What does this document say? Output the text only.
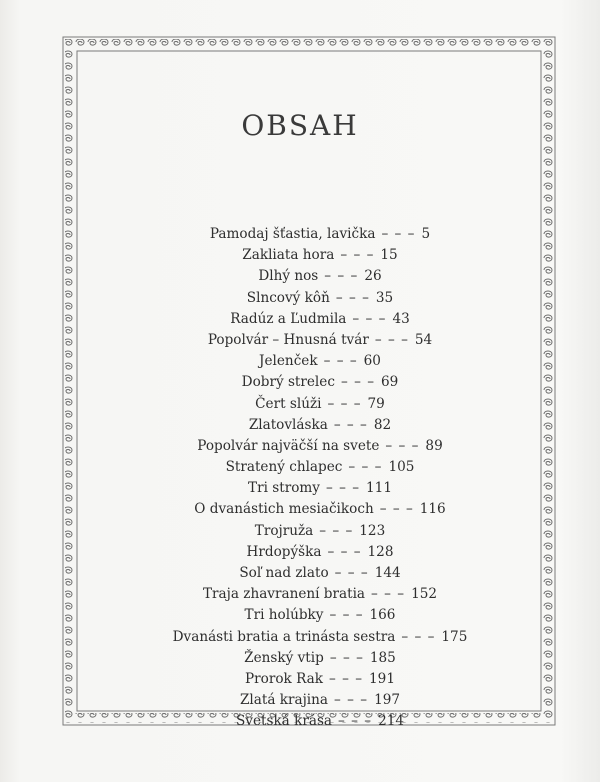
OBSAH
Pamodaj šťastia, lavička – – – 5
Zakliata hora – – – 15
Dlhý nos – – – 26
Slncový kôň – – – 35
Radúz a Ľudmila – – – 43
Popolvár – Hnusná tvár – – – 54
Jelenček – – – 60
Dobrý strelec – – – 69
Čert slúži – – – 79
Zlatovláska – – – 82
Popolvár najväčší na svete – – – 89
Stratený chlapec – – – 105
Tri stromy – – – 111
O dvanástich mesiačikoch – – – 116
Trojruža – – – 123
Hrdopýška – – – 128
Soľ nad zlato – – – 144
Traja zhavranení bratia – – – 152
Tri holúbky – – – 166
Dvanásti bratia a trinásta sestra – – – 175
Ženský vtip – – – 185
Prorok Rak – – – 191
Zlatá krajina – – – 197
Svetská krása – – – 214
